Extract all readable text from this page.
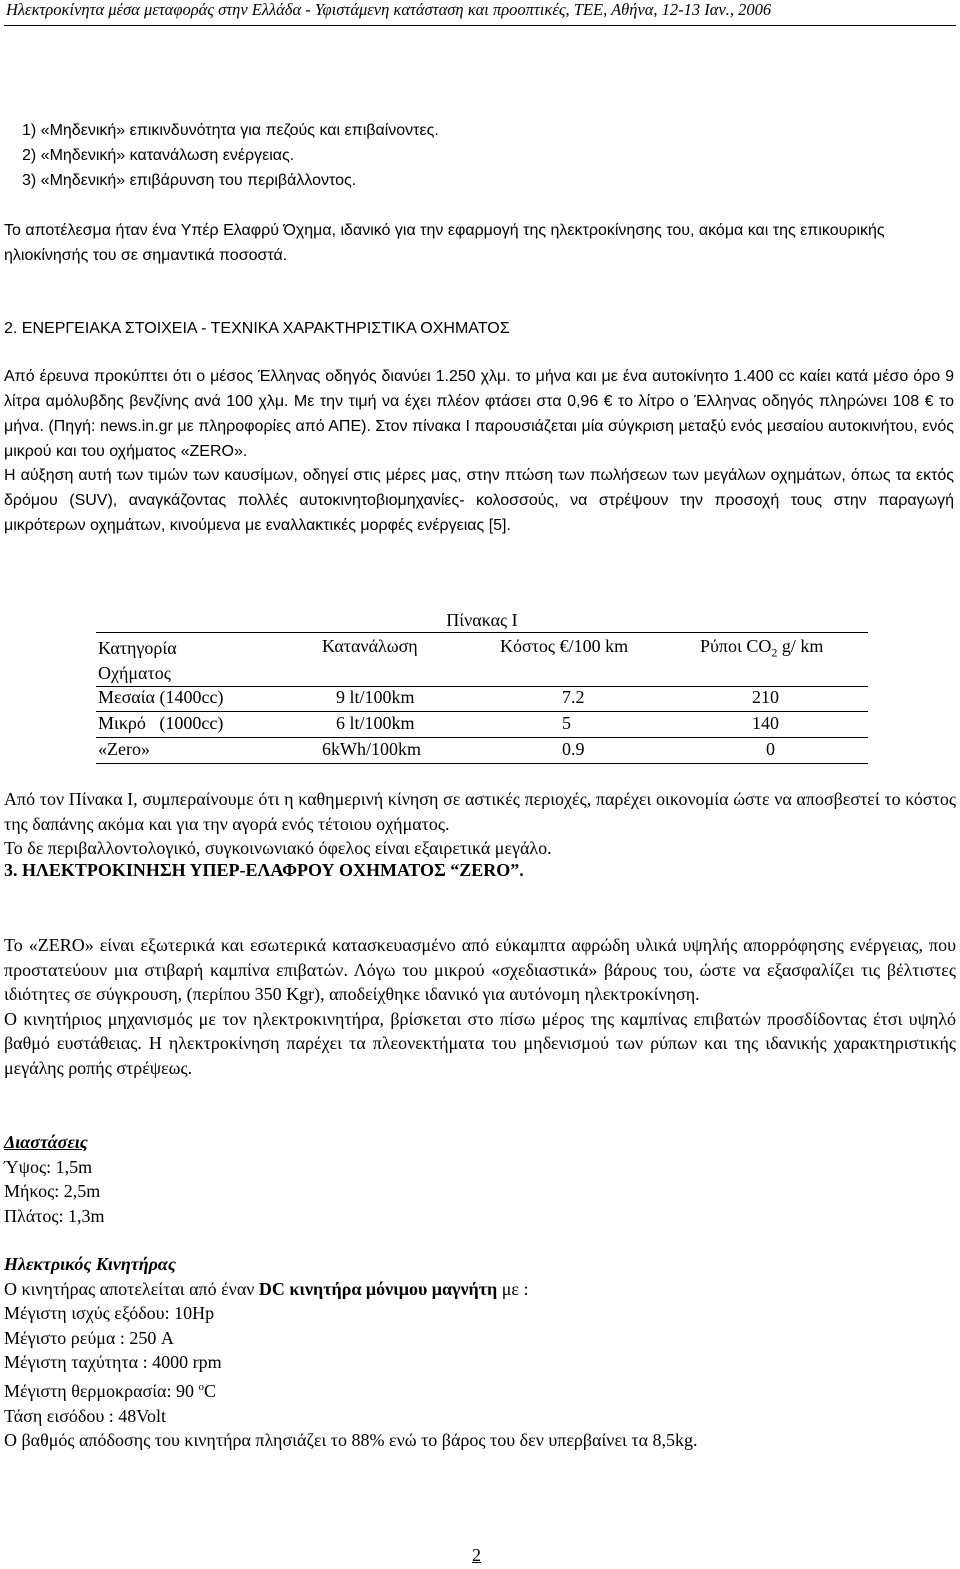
Ηλεκτροκίνητα μέσα μεταφοράς στην Ελλάδα - Υφιστάμενη κατάσταση και προοπτικές, ΤΕΕ, Αθήνα, 12-13 Ιαν., 2006

1) «Μηδενική» επικινδυνότητα για πεζούς και επιβαίνοντες.

2) «Μηδενική» κατανάλωση ενέργειας.

3) «Μηδενική» επιβάρυνση του περιβάλλοντος.

Το αποτέλεσμα ήταν ένα Υπέρ Ελαφρύ Όχημα, ιδανικό για την εφαρμογή της ηλεκτροκίνησης του, ακόμα και της επικουρικής ηλιοκίνησής του σε σημαντικά ποσοστά.

2. ΕΝΕΡΓΕΙΑΚΑ ΣΤΟΙΧΕΙΑ - ΤΕΧΝΙΚΑ ΧΑΡΑΚΤΗΡΙΣΤΙΚΑ ΟΧΗΜΑΤΟΣ

Από έρευνα προκύπτει ότι ο μέσος Έλληνας οδηγός διανύει 1.250 χλμ. το μήνα και με ένα αυτοκίνητο 1.400 cc καίει κατά μέσο όρο 9 λίτρα αμόλυβδης βενζίνης ανά 100 χλμ. Με την τιμή να έχει πλέον φτάσει στα 0,96 € το λίτρο ο Έλληνας οδηγός πληρώνει 108 € το μήνα. (Πηγή: news.in.gr με πληροφορίες από ΑΠΕ). Στον πίνακα Ι παρουσιάζεται μία σύγκριση μεταξύ ενός μεσαίου αυτοκινήτου, ενός μικρού και του οχήματος «ZERO».

Η αύξηση αυτή των τιμών των καυσίμων, οδηγεί στις μέρες μας, στην πτώση των πωλήσεων των μεγάλων οχημάτων, όπως τα εκτός δρόμου (SUV), αναγκάζοντας πολλές αυτοκινητοβιομηχανίες- κολοσσούς, να στρέψουν την προσοχή τους στην παραγωγή μικρότερων οχημάτων, κινούμενα με εναλλακτικές μορφές ενέργειας [5].

Πίνακας Ι
Κατηγορία
Οχήματος
Κατανάλωση	Κόστος €/100 km	Ρύποι $CO_2$ g/ km
Μεσαία (1400cc)	9 lt/100km	7.2	210
Μικρό   (1000cc)	6 lt/100km	5	140
«Zero»	6kWh/100km	0.9	0

Από τον Πίνακα Ι, συμπεραίνουμε ότι η καθημερινή κίνηση σε αστικές περιοχές, παρέχει οικονομία ώστε να αποσβεστεί το κόστος της δαπάνης ακόμα και για την αγορά ενός τέτοιου οχήματος.

Το δε περιβαλλοντολογικό, συγκοινωνιακό όφελος είναι εξαιρετικά μεγάλο.

3. ΗΛΕΚΤΡΟΚΙΝΗΣΗ ΥΠΕΡ-ΕΛΑΦΡΟΥ ΟΧΗΜΑΤΟΣ “ZERO”.

Το «ZERO» είναι εξωτερικά και εσωτερικά κατασκευασμένο από εύκαμπτα αφρώδη υλικά υψηλής απορρόφησης ενέργειας, που προστατεύουν μια στιβαρή καμπίνα επιβατών. Λόγω του μικρού «σχεδιαστικά» βάρους του, ώστε να εξασφαλίζει τις βέλτιστες ιδιότητες σε σύγκρουση, (περίπου 350 Kgr), αποδείχθηκε ιδανικό για αυτόνομη ηλεκτροκίνηση.

Ο κινητήριος μηχανισμός με τον ηλεκτροκινητήρα, βρίσκεται στο πίσω μέρος της καμπίνας επιβατών προσδίδοντας έτσι υψηλό βαθμό ευστάθειας. Η ηλεκτροκίνηση παρέχει τα πλεονεκτήματα του μηδενισμού των ρύπων και της ιδανικής χαρακτηριστικής μεγάλης ροπής στρέψεως.

Διαστάσεις

Ύψος: 1,5m

Μήκος: 2,5m

Πλάτος: 1,3m

Ηλεκτρικός Κινητήρας

Ο κινητήρας αποτελείται από έναν DC κινητήρα μόνιμου μαγνήτη με :

Μέγιστη ισχύς εξόδου: 10Hp

Μέγιστο ρεύμα : 250 A

Μέγιστη ταχύτητα : 4000 rpm

Μέγιστη θερμοκρασία: 90 $^o$C

Τάση εισόδου : 48Volt

Ο βαθμός απόδοσης του κινητήρα πλησιάζει το 88% ενώ το βάρος του δεν υπερβαίνει τα 8,5kg.

2
